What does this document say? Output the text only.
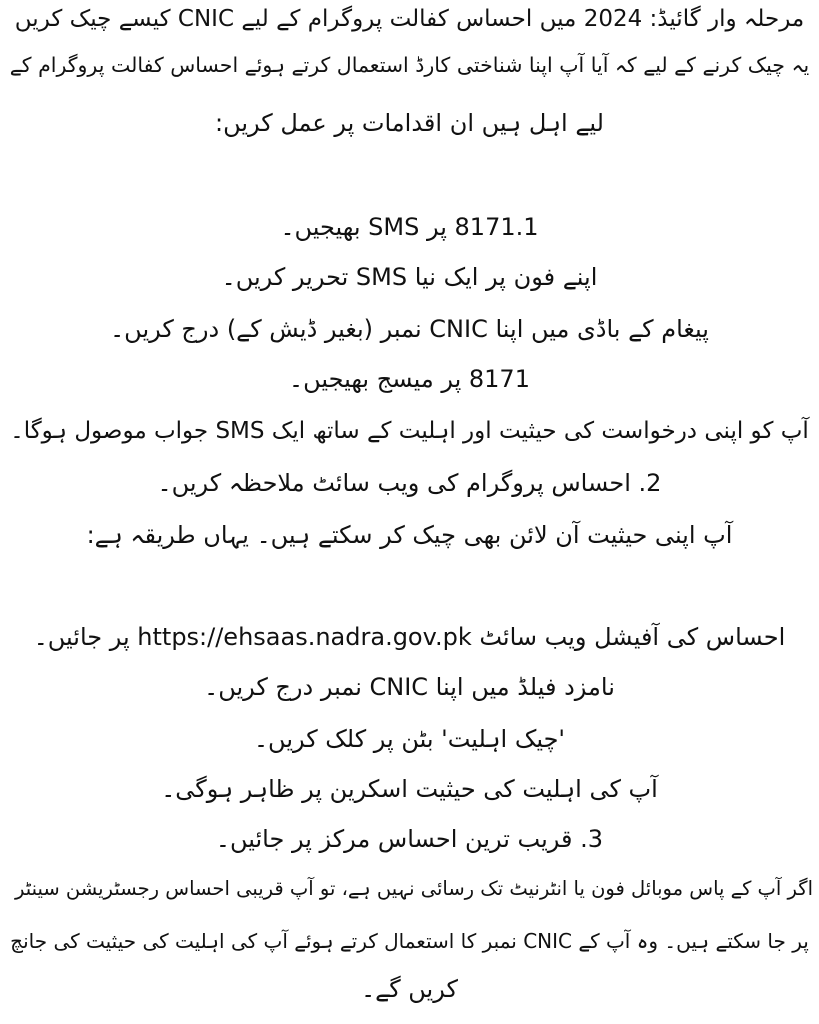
مرحلہ وار گائیڈ: 2024 میں احساس کفالت پروگرام کے لیے CNIC کیسے چیک کریں
یہ چیک کرنے کے لیے کہ آیا آپ اپنا شناختی کارڈ استعمال کرتے ہوئے احساس کفالت پروگرام کے
لیے اہل ہیں ان اقدامات پر عمل کریں:
8171.1 پر SMS بھیجیں۔
اپنے فون پر ایک نیا SMS تحریر کریں۔
پیغام کے باڈی میں اپنا CNIC نمبر (بغیر ڈیش کے) درج کریں۔
8171 پر میسج بھیجیں۔
آپ کو اپنی درخواست کی حیثیت اور اہلیت کے ساتھ ایک SMS جواب موصول ہوگا۔
2. احساس پروگرام کی ویب سائٹ ملاحظہ کریں۔
آپ اپنی حیثیت آن لائن بھی چیک کر سکتے ہیں۔ یہاں طریقہ ہے:
احساس کی آفیشل ویب سائٹ https://ehsaas.nadra.gov.pk پر جائیں۔
نامزد فیلڈ میں اپنا CNIC نمبر درج کریں۔
'چیک اہلیت' بٹن پر کلک کریں۔
آپ کی اہلیت کی حیثیت اسکرین پر ظاہر ہوگی۔
3. قریب ترین احساس مرکز پر جائیں۔
اگر آپ کے پاس موبائل فون یا انٹرنیٹ تک رسائی نہیں ہے، تو آپ قریبی احساس رجسٹریشن سینٹر
پر جا سکتے ہیں۔ وہ آپ کے CNIC نمبر کا استعمال کرتے ہوئے آپ کی اہلیت کی حیثیت کی جانچ
کریں گے۔
